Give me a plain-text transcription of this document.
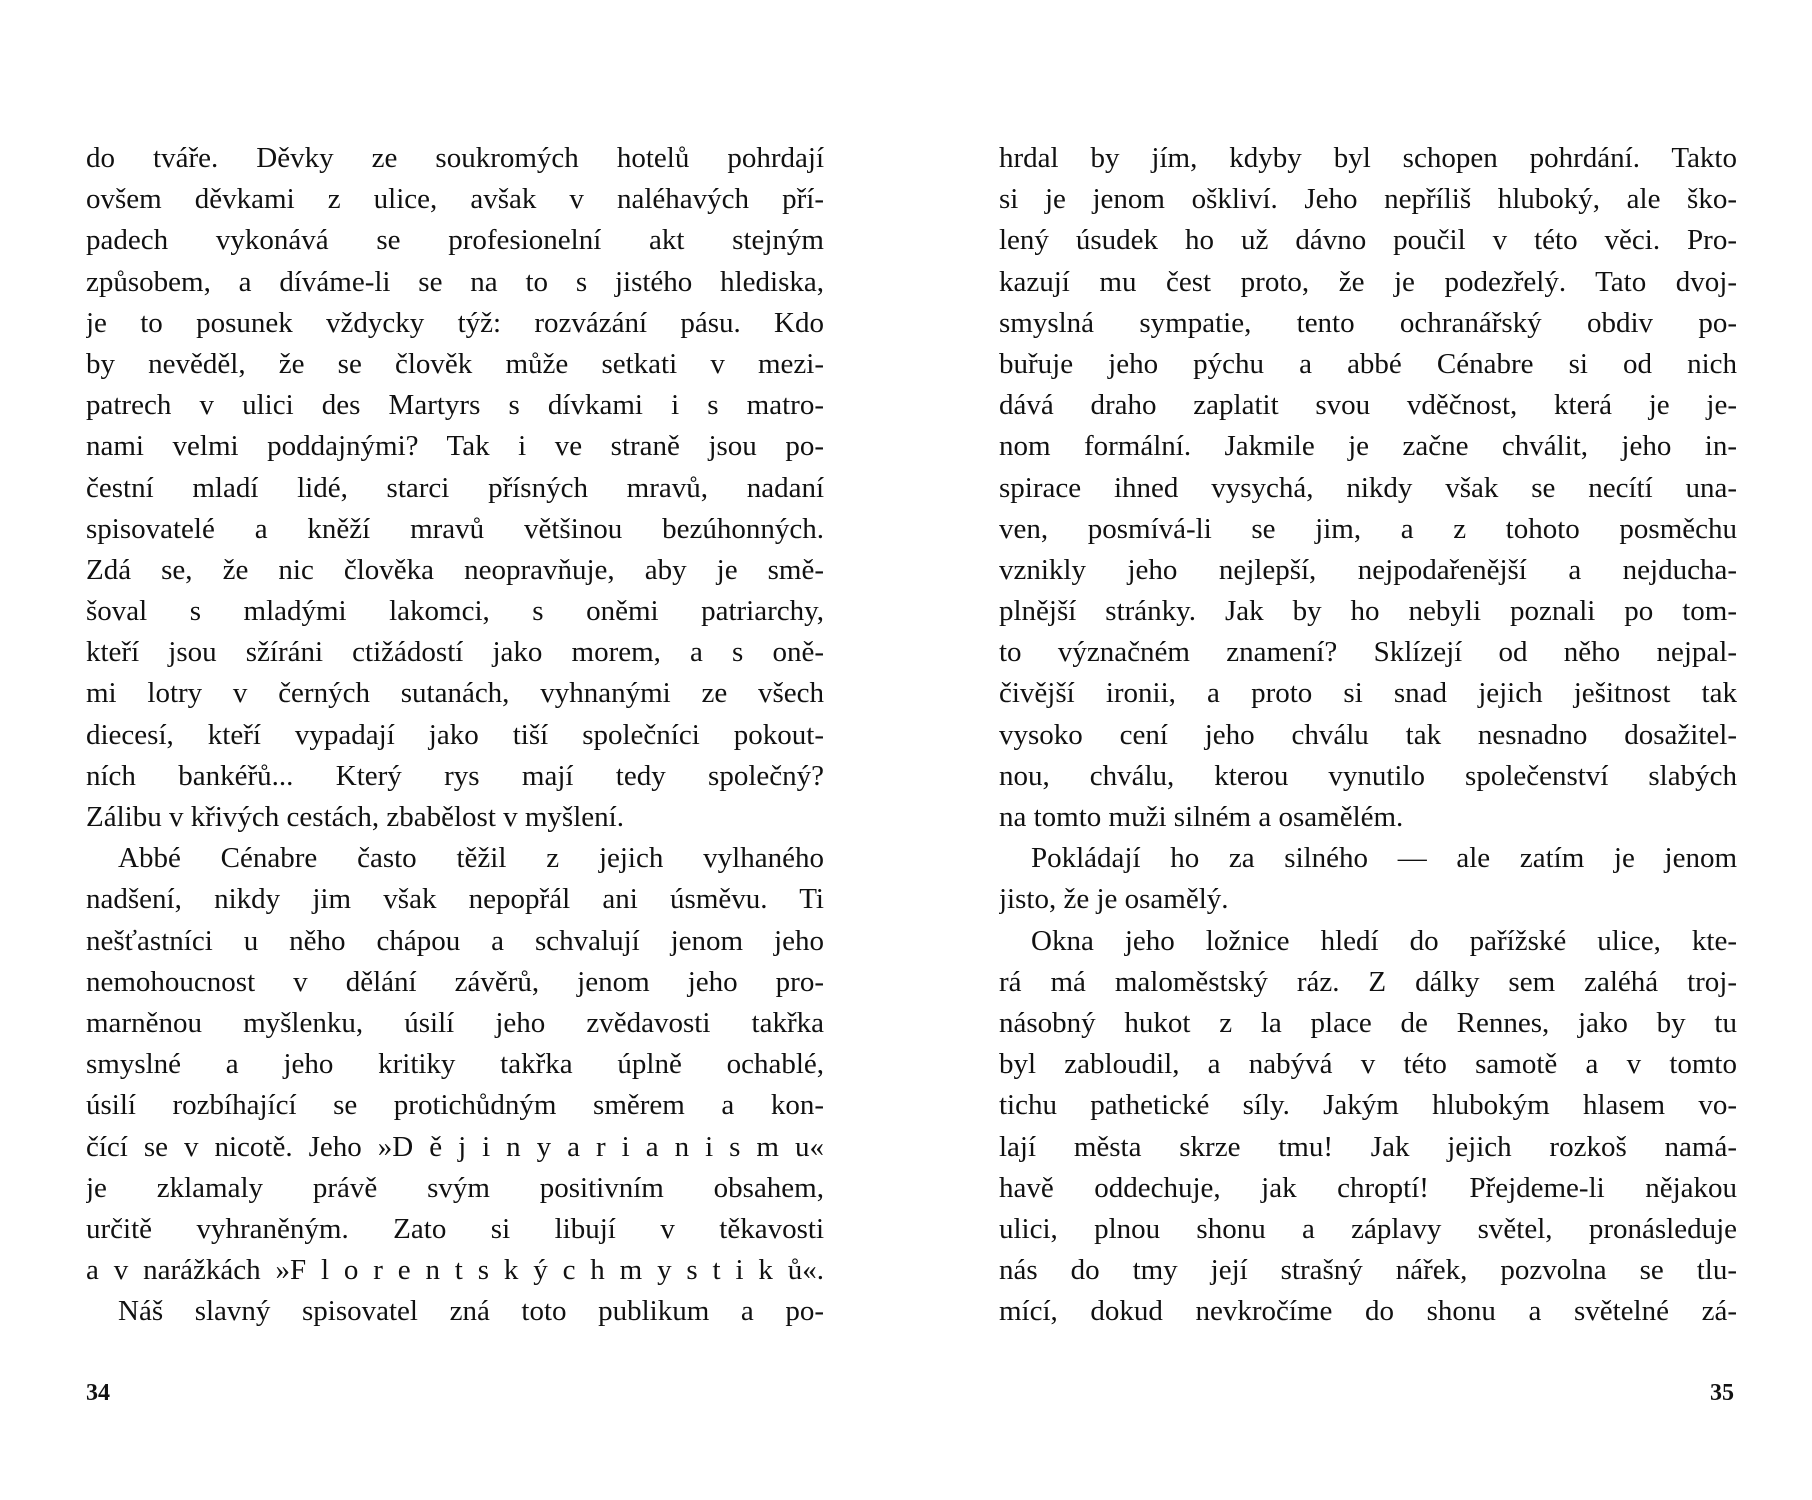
do tváře. Děvky ze soukromých hotelů pohrdají
ovšem děvkami z ulice, avšak v naléhavých pří-
padech vykonává se profesionelní akt stejným
způsobem, a díváme-li se na to s jistého hlediska,
je to posunek vždycky týž: rozvázání pásu. Kdo
by nevěděl, že se člověk může setkati v mezi-
patrech v ulici des Martyrs s dívkami i s matro-
nami velmi poddajnými? Tak i ve straně jsou po-
čestní mladí lidé, starci přísných mravů, nadaní
spisovatelé a kněží mravů většinou bezúhonných.
Zdá se, že nic člověka neopravňuje, aby je smě-
šoval s mladými lakomci, s oněmi patriarchy,
kteří jsou sžíráni ctižádostí jako morem, a s oně-
mi lotry v černých sutanách, vyhnanými ze všech
diecesí, kteří vypadají jako tiší společníci pokout-
ních bankéřů... Který rys mají tedy společný?
Zálibu v křivých cestách, zbabělost v myšlení.
Abbé Cénabre často těžil z jejich vylhaného
nadšení, nikdy jim však nepopřál ani úsměvu. Ti
nešťastníci u něho chápou a schvalují jenom jeho
nemohoucnost v dělání závěrů, jenom jeho pro-
marněnou myšlenku, úsilí jeho zvědavosti takřka
smyslné a jeho kritiky takřka úplně ochablé,
úsilí rozbíhající se protichůdným směrem a kon-
čící se v nicotě. Jeho »D ě j i n y a r i a n i s m u«
je zklamaly právě svým positivním obsahem,
určitě vyhraněným. Zato si libují v těkavosti
a v narážkách »F l o r e n t s k ý c h m y s t i k ů«.
Náš slavný spisovatel zná toto publikum a po-
hrdal by jím, kdyby byl schopen pohrdání. Takto
si je jenom oškliví. Jeho nepříliš hluboký, ale ško-
lený úsudek ho už dávno poučil v této věci. Pro-
kazují mu čest proto, že je podezřelý. Tato dvoj-
smyslná sympatie, tento ochranářský obdiv po-
buřuje jeho pýchu a abbé Cénabre si od nich
dává draho zaplatit svou vděčnost, která je je-
nom formální. Jakmile je začne chválit, jeho in-
spirace ihned vysychá, nikdy však se necítí una-
ven, posmívá-li se jim, a z tohoto posměchu
vznikly jeho nejlepší, nejpodařenější a nejducha-
plnější stránky. Jak by ho nebyli poznali po tom-
to význačném znamení? Sklízejí od něho nejpal-
čivější ironii, a proto si snad jejich ješitnost tak
vysoko cení jeho chválu tak nesnadno dosažitel-
nou, chválu, kterou vynutilo společenství slabých
na tomto muži silném a osamělém.
Pokládají ho za silného — ale zatím je jenom
jisto, že je osamělý.
Okna jeho ložnice hledí do pařížské ulice, kte-
rá má maloměstský ráz. Z dálky sem zaléhá troj-
násobný hukot z la place de Rennes, jako by tu
byl zabloudil, a nabývá v této samotě a v tomto
tichu pathetické síly. Jakým hlubokým hlasem vo-
lají města skrze tmu! Jak jejich rozkoš namá-
havě oddechuje, jak chroptí! Přejdeme-li nějakou
ulici, plnou shonu a záplavy světel, pronásleduje
nás do tmy její strašný nářek, pozvolna se tlu-
mící, dokud nevkročíme do shonu a světelné zá-
34	35
